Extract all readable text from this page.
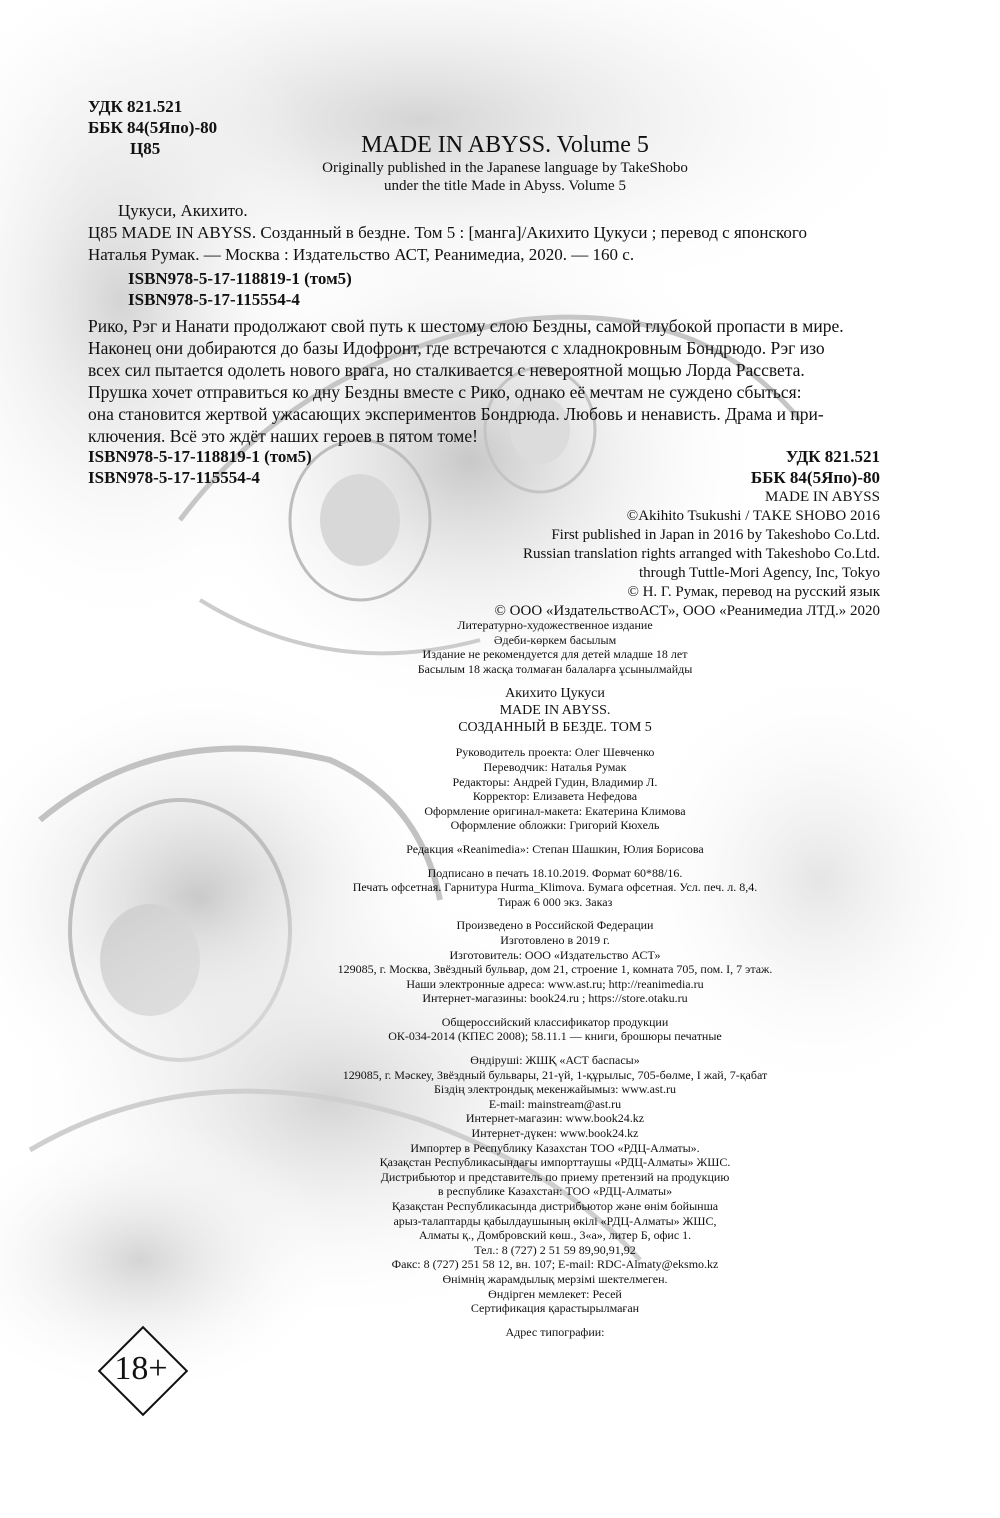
УДК 821.521
ББК 84(5Япо)-80
Ц85	MADE IN ABYSS. Volume 5
Originally published in the Japanese language by TakeShobo
under the title Made in Abyss. Volume 5
Цукуси, Акихито.
Ц85 MADE IN ABYSS. Созданный в бездне. Том 5 : [манга]/Акихито Цукуси ; перевод с японского
Наталья Румак. — Москва : Издательство АСТ, Реанимедиа, 2020. — 160 с.
ISBN978-5-17-118819-1 (том5)
ISBN978-5-17-115554-4
Рико, Рэг и Нанати продолжают свой путь к шестому слою Бездны, самой глубокой пропасти в мире.
Наконец они добираются до базы Идофронт, где встречаются с хладнокровным Бондрюдо. Рэг изо
всех сил пытается одолеть нового врага, но сталкивается с невероятной мощью Лорда Рассвета.
Прушка хочет отправиться ко дну Бездны вместе с Рико, однако её мечтам не суждено сбыться:
она становится жертвой ужасающих экспериментов Бондрюда. Любовь и ненависть. Драма и при-
ключения. Всё это ждёт наших героев в пятом томе!
ISBN978-5-17-118819-1 (том5)
ISBN978-5-17-115554-4
УДК 821.521
ББК 84(5Япо)-80
MADE IN ABYSS
©Akihito Tsukushi / TAKE SHOBO 2016
First published in Japan in 2016 by Takeshobo Co.Ltd.
Russian translation rights arranged with Takeshobo Co.Ltd.
through Tuttle-Mori Agency, Inc, Tokyo
© Н. Г. Румак, перевод на русский язык
© ООО «ИздательствоАСТ», ООО «Реанимедиа ЛТД.» 2020
Литературно-художественное издание
Әдеби-көркем басылым
Издание не рекомендуется для детей младше 18 лет
Басылым 18 жасқа толмаған балаларға ұсынылмайды
Акихито Цукуси
MADE IN ABYSS.
СОЗДАННЫЙ В БЕЗДЕ. ТОМ 5
Руководитель проекта: Олег Шевченко
Переводчик: Наталья Румак
Редакторы: Андрей Гудин, Владимир Л.
Корректор: Елизавета Нефедова
Оформление оригинал-макета: Екатерина Климова
Оформление обложки: Григорий Кюхель
Редакция «Reanimedia»: Степан Шашкин, Юлия Борисова
Подписано в печать 18.10.2019. Формат 60*88/16.
Печать офсетная. Гарнитура Hurma_Klimova. Бумага офсетная. Усл. печ. л. 8,4.
Тираж 6 000 экз. Заказ
Произведено в Российской Федерации
Изготовлено в 2019 г.
Изготовитель: ООО «Издательство АСТ»
129085, г. Москва, Звёздный бульвар, дом 21, строение 1, комната 705, пом. I, 7 этаж.
Наши электронные адреса: www.ast.ru; http://reanimedia.ru
Интернет-магазины: book24.ru ; https://store.otaku.ru
Общероссийский классификатор продукции
ОК-034-2014 (КПЕС 2008); 58.11.1 — книги, брошюры печатные
Өндіруші: ЖШҚ «АСТ баспасы»
129085, г. Мәскеу, Звёздный бульвары, 21-үй, 1-құрылыс, 705-бөлме, I жай, 7-қабат
Біздің электрондық мекенжайымыз: www.ast.ru
E-mail: mainstream@ast.ru
Интернет-магазин: www.book24.kz
Интернет-дүкен: www.book24.kz
Импортер в Республику Казахстан ТОО «РДЦ-Алматы».
Қазақстан Республикасындағы импорттаушы «РДЦ-Алматы» ЖШС.
Дистрибьютор и представитель по приему претензий на продукцию
в республике Казахстан: ТОО «РДЦ-Алматы»
Қазақстан Республикасында дистрибьютор және өнім бойынша
арыз-талаптарды қабылдаушының өкілі «РДЦ-Алматы» ЖШС,
Алматы қ., Домбровский көш., 3«а», литер Б, офис 1.
Тел.: 8 (727) 2 51 59 89,90,91,92
Факс: 8 (727) 251 58 12, вн. 107; E-mail: RDC-Almaty@eksmo.kz
Өнімнің жарамдылық мерзімі шектелмеген.
Өндірген мемлекет: Ресей
Сертификация қарастырылмаған
Адрес типографии:
18+
